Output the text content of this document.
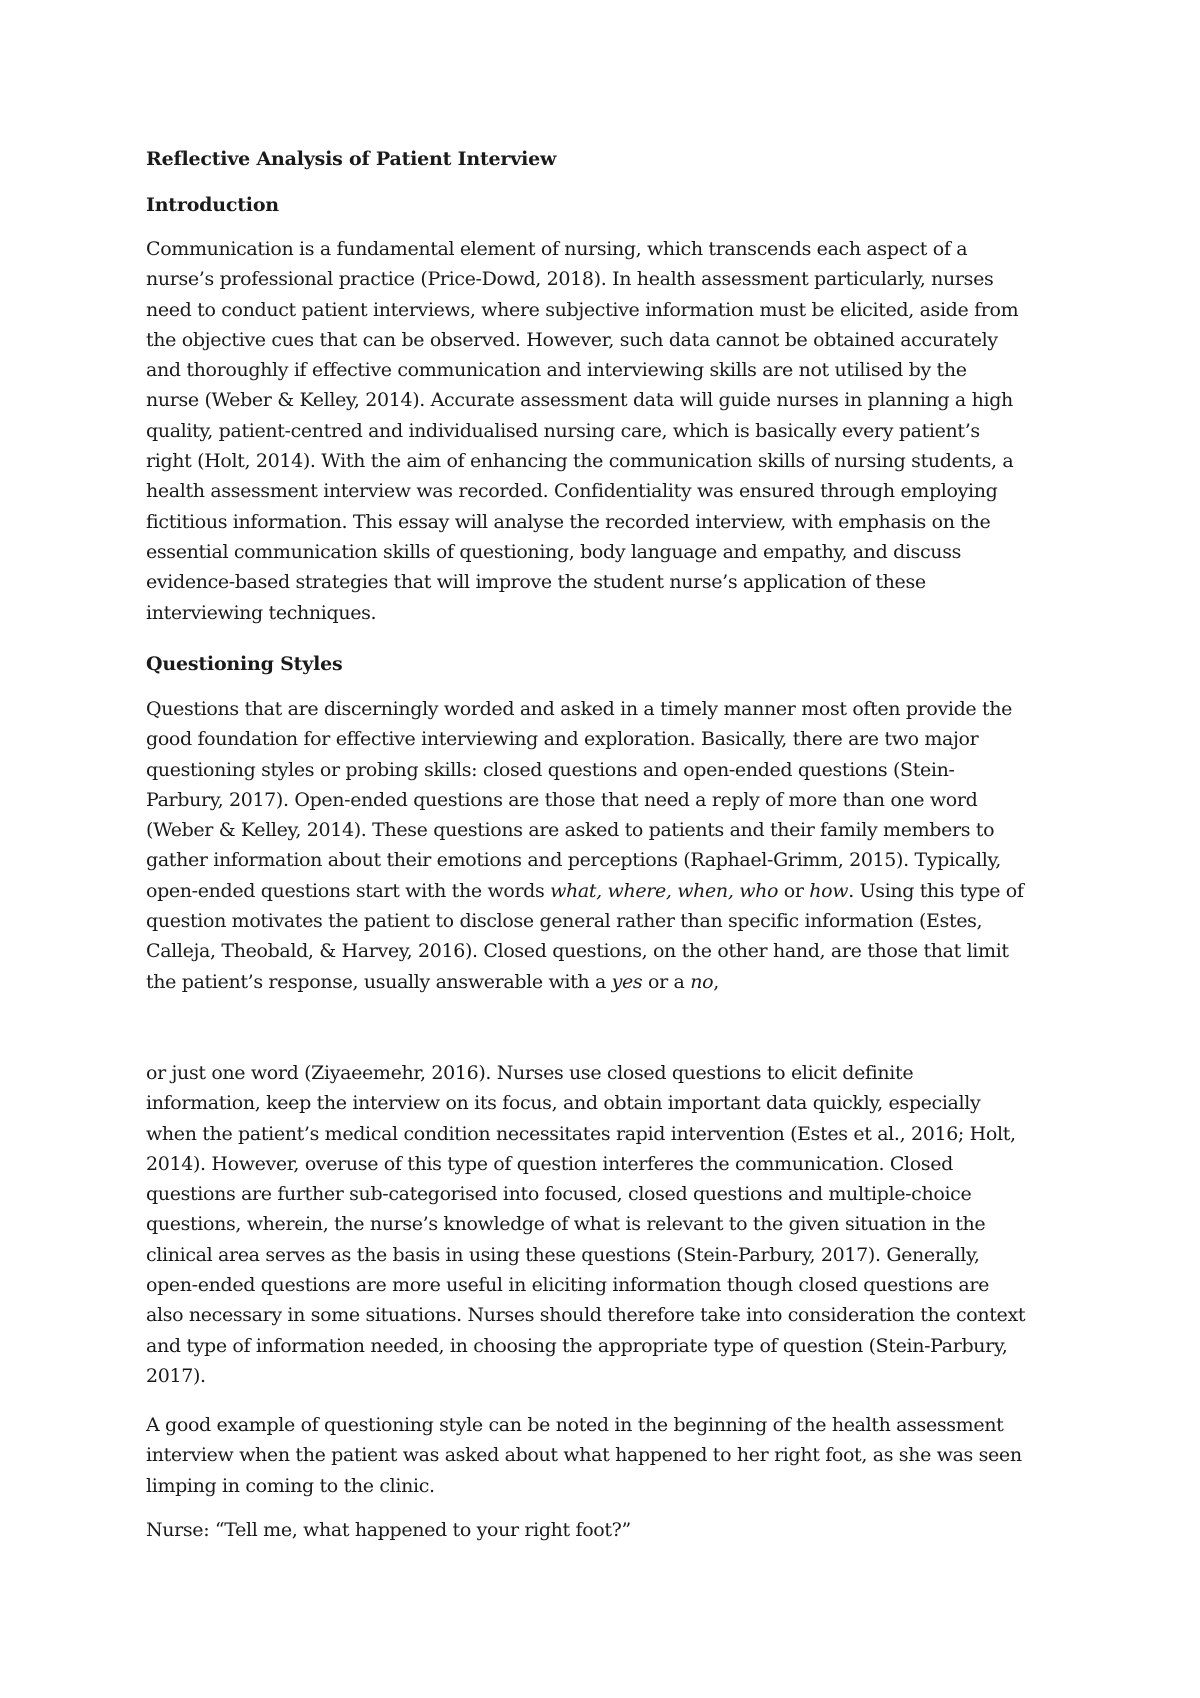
Reflective Analysis of Patient Interview

Introduction

Communication is a fundamental element of nursing, which transcends each aspect of a
nurse’s professional practice (Price-Dowd, 2018). In health assessment particularly, nurses
need to conduct patient interviews, where subjective information must be elicited, aside from
the objective cues that can be observed. However, such data cannot be obtained accurately
and thoroughly if effective communication and interviewing skills are not utilised by the
nurse (Weber & Kelley, 2014). Accurate assessment data will guide nurses in planning a high
quality, patient-centred and individualised nursing care, which is basically every patient’s
right (Holt, 2014). With the aim of enhancing the communication skills of nursing students, a
health assessment interview was recorded. Confidentiality was ensured through employing
fictitious information. This essay will analyse the recorded interview, with emphasis on the
essential communication skills of questioning, body language and empathy, and discuss
evidence-based strategies that will improve the student nurse’s application of these
interviewing techniques.

Questioning Styles

Questions that are discerningly worded and asked in a timely manner most often provide the
good foundation for effective interviewing and exploration. Basically, there are two major
questioning styles or probing skills: closed questions and open-ended questions (Stein-
Parbury, 2017). Open-ended questions are those that need a reply of more than one word
(Weber & Kelley, 2014). These questions are asked to patients and their family members to
gather information about their emotions and perceptions (Raphael-Grimm, 2015). Typically,
open-ended questions start with the words what, where, when, who or how. Using this type of
question motivates the patient to disclose general rather than specific information (Estes,
Calleja, Theobald, & Harvey, 2016). Closed questions, on the other hand, are those that limit
the patient’s response, usually answerable with a yes or a no,
or just one word (Ziyaeemehr, 2016). Nurses use closed questions to elicit definite
information, keep the interview on its focus, and obtain important data quickly, especially
when the patient’s medical condition necessitates rapid intervention (Estes et al., 2016; Holt,
2014). However, overuse of this type of question interferes the communication. Closed
questions are further sub-categorised into focused, closed questions and multiple-choice
questions, wherein, the nurse’s knowledge of what is relevant to the given situation in the
clinical area serves as the basis in using these questions (Stein-Parbury, 2017). Generally,
open-ended questions are more useful in eliciting information though closed questions are
also necessary in some situations. Nurses should therefore take into consideration the context
and type of information needed, in choosing the appropriate type of question (Stein-Parbury,
2017).
A good example of questioning style can be noted in the beginning of the health assessment
interview when the patient was asked about what happened to her right foot, as she was seen
limping in coming to the clinic.
Nurse: “Tell me, what happened to your right foot?”
